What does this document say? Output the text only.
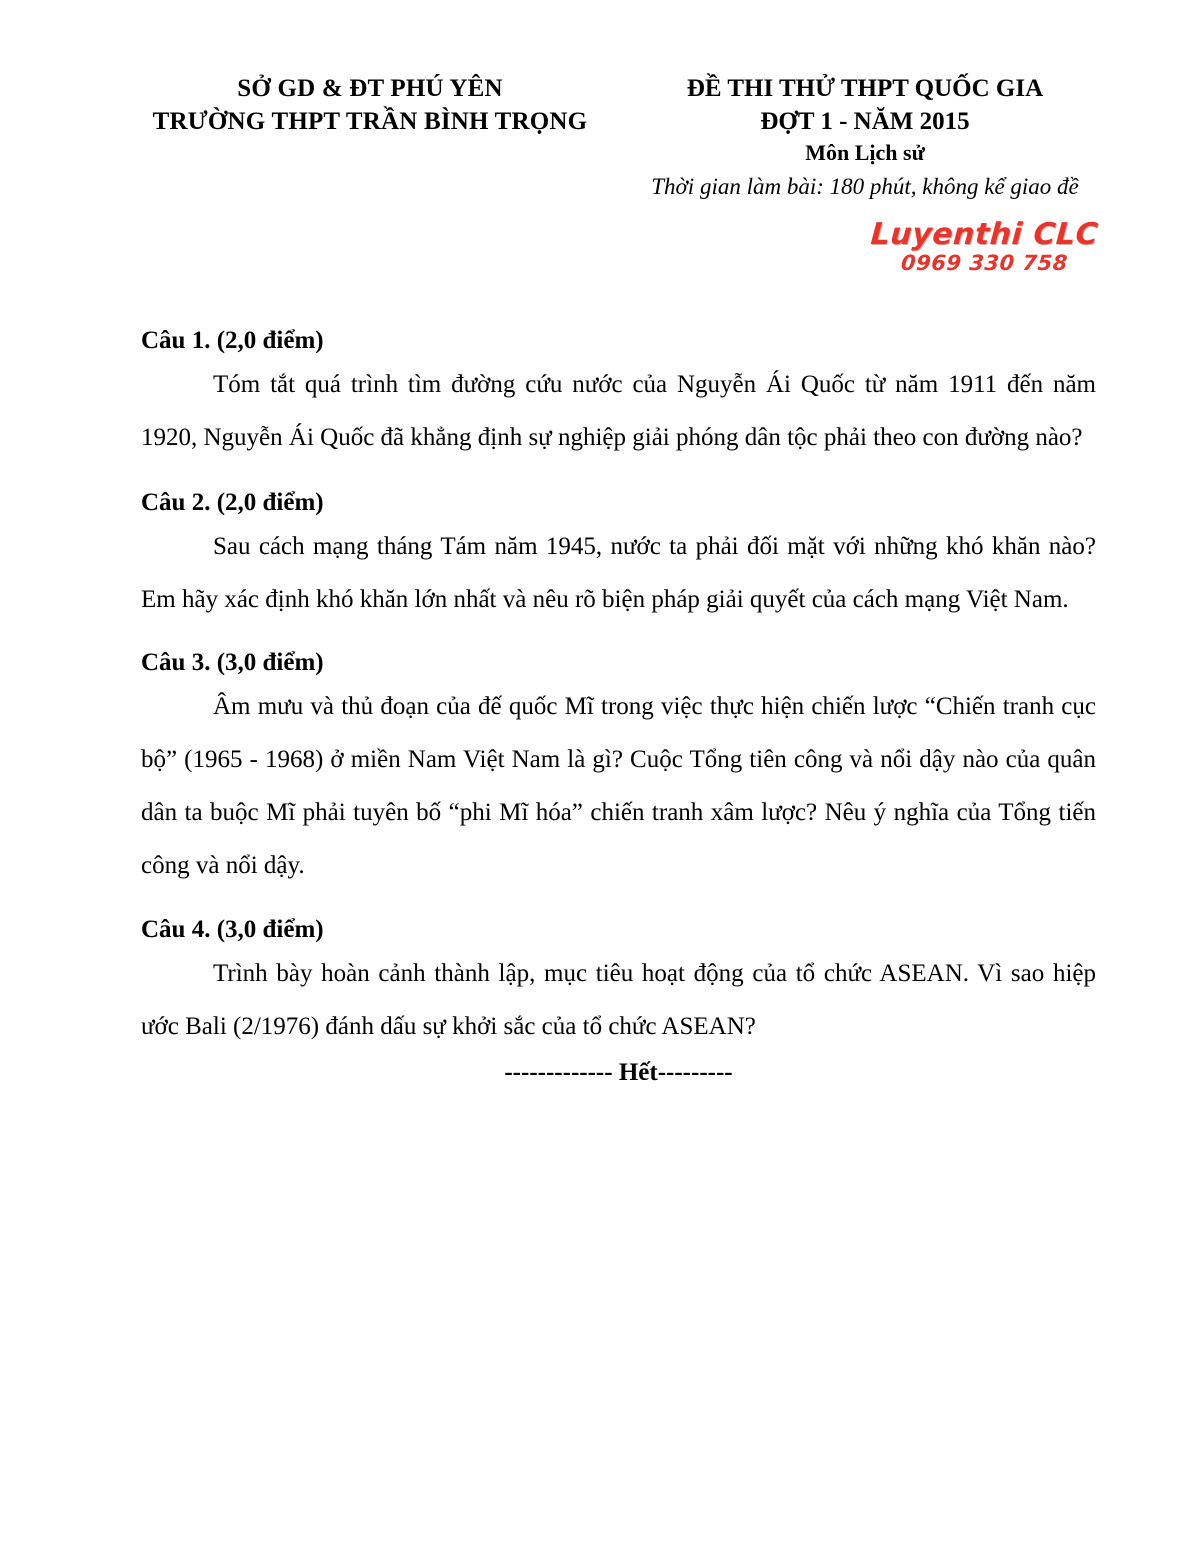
SỞ GD & ĐT PHÚ YÊN
TRƯỜNG THPT TRẦN BÌNH TRỌNG
ĐỀ THI THỬ THPT QUỐC GIA
ĐỢT 1 - NĂM 2015
Môn Lịch sử
Thời gian làm bài: 180 phút, không kể giao đề
Luyenthi CLC
0969 330 758

Câu 1. (2,0 điểm)

Tóm tắt quá trình tìm đường cứu nước của Nguyễn Ái Quốc từ năm 1911 đến năm 1920, Nguyễn Ái Quốc đã khẳng định sự nghiệp giải phóng dân tộc phải theo con đường nào?

Câu 2. (2,0 điểm)

Sau cách mạng tháng Tám năm 1945, nước ta phải đối mặt với những khó khăn nào? Em hãy xác định khó khăn lớn nhất và nêu rõ biện pháp giải quyết của cách mạng Việt Nam.

Câu 3. (3,0 điểm)

Âm mưu và thủ đoạn của đế quốc Mĩ trong việc thực hiện chiến lược “Chiến tranh cục bộ” (1965 - 1968) ở miền Nam Việt Nam là gì? Cuộc Tổng tiên công và nổi dậy nào của quân dân ta buộc Mĩ phải tuyên bố “phi Mĩ hóa” chiến tranh xâm lược? Nêu ý nghĩa của Tổng tiến công và nổi dậy.

Câu 4. (3,0 điểm)

Trình bày hoàn cảnh thành lập, mục tiêu hoạt động của tổ chức ASEAN. Vì sao hiệp ước Bali (2/1976) đánh dấu sự khởi sắc của tổ chức ASEAN?

------------- Hết---------
